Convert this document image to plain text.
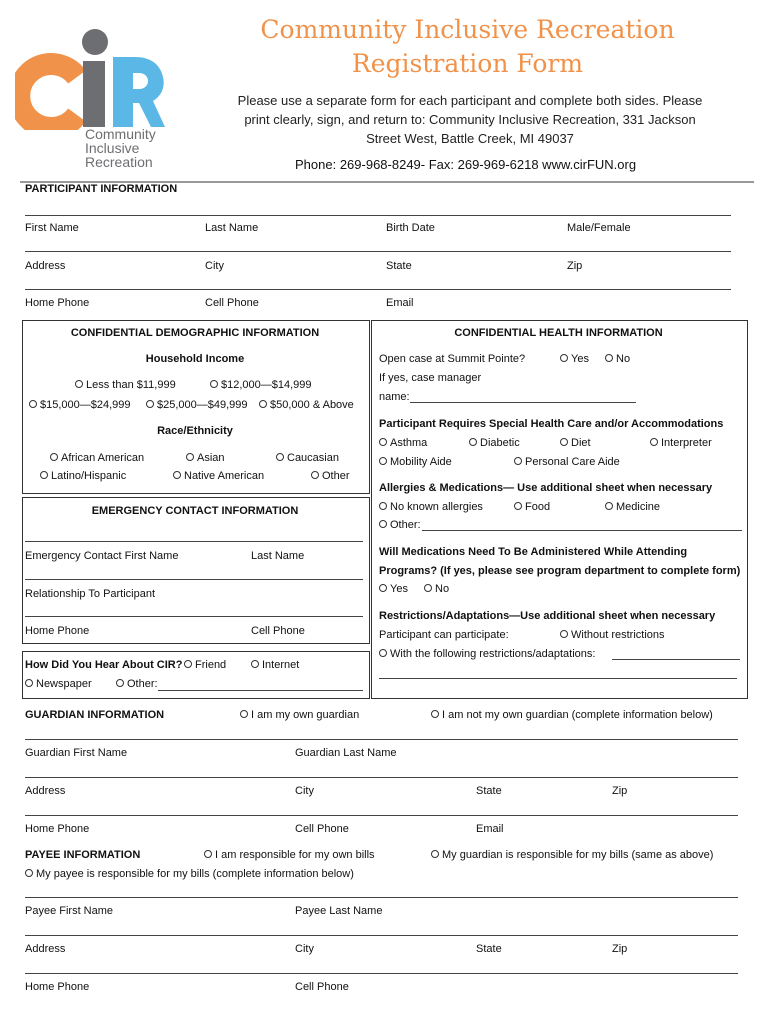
Community
Inclusive
Recreation
Community Inclusive Recreation
Registration Form
Please use a separate form for each participant and complete both sides. Please
print clearly, sign, and return to: Community Inclusive Recreation, 331 Jackson
Street West, Battle Creek, MI 49037
Phone: 269-968-8249- Fax: 269-969-6218 www.cirFUN.org
PARTICIPANT INFORMATION
First Name	Last Name	Birth Date	Male/Female
Address	City	State	Zip
Home Phone	Cell Phone	Email
CONFIDENTIAL DEMOGRAPHIC INFORMATION
Household Income
Less than $11,999	$12,000—$14,999
$15,000—$24,999	$25,000—$49,999	$50,000 & Above
Race/Ethnicity
African American	Asian	Caucasian
Latino/Hispanic	Native American	Other
EMERGENCY CONTACT INFORMATION
Emergency Contact First Name	Last Name
Relationship To Participant
Home Phone	Cell Phone
How Did You Hear About CIR?	Friend	Internet
Newspaper	Other:
CONFIDENTIAL HEALTH INFORMATION
Open case at Summit Pointe?	Yes	No
If yes, case manager
name:
Participant Requires Special Health Care and/or Accommodations
Asthma	Diabetic	Diet	Interpreter
Mobility Aide	Personal Care Aide
Allergies & Medications— Use additional sheet when necessary
No known allergies	Food	Medicine
Other:
Will Medications Need To Be Administered While Attending
Programs? (If yes, please see program department to complete form)
Yes	No
Restrictions/Adaptations—Use additional sheet when necessary
Participant can participate:	Without restrictions
With the following restrictions/adaptations:
GUARDIAN INFORMATION	I am my own guardian	I am not my own guardian (complete information below)
Guardian First Name	Guardian Last Name
Address	City	State	Zip
Home Phone	Cell Phone	Email
PAYEE INFORMATION	I am responsible for my own bills	My guardian is responsible for my bills (same as above)
My payee is responsible for my bills (complete information below)
Payee First Name	Payee Last Name
Address	City	State	Zip
Home Phone	Cell Phone
